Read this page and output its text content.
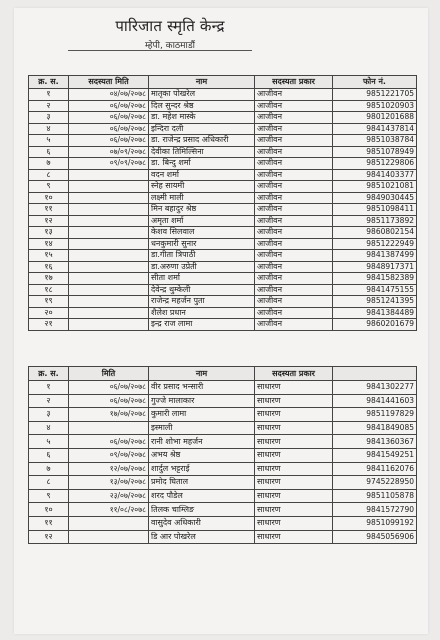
पारिजात स्मृति केन्द्र
म्हेपी, काठमाडौं
क्र. स.	सदस्यता मिति	नाम	सदस्यता प्रकार	फोन नं.
१	०४/०७/२०७८	मातृका पोखरेल	आजीवन	9851221705
२	०६/०७/२०७८	दिल सुन्दर श्रेष्ठ	आजीवन	9851020903
३	०६/०७/२०७८	डा. महेश मास्के	आजीवन	9801201688
४	०६/०७/२०७८	इन्दिरा दली	आजीवन	9841437814
५	०६/०७/२०७८	डा. राजेन्द्र प्रसाद अधिकारी	आजीवन	9851038784
६	०७/०९/२०७८	देवीका तिमिल्सिना	आजीवन	9851078949
७	०९/०९/२०७८	डा. बिन्दु शर्मा	आजीवन	9851229806
८		वदन शर्मा	आजीवन	9841403377
९		स्नेह सायमी	आजीवन	9851021081
१०		लक्ष्मी माली	आजीवन	9849030445
११		मिन बहादुर श्रेष्ठ	आजीवन	9851098411
१२		अमृता शर्मा	आजीवन	9851173892
१३		केशव सिलवाल	आजीवन	9860802154
१४		धनकुमारी सुनार	आजीवन	9851222949
१५		डा.गीता त्रिपाठी	आजीवन	9841387499
१६		डा.अरुणा उप्रेती	आजीवन	9848917371
१७		सीता शर्मा	आजीवन	9841582389
१८		देवेन्द्र थुम्केली	आजीवन	9841475155
१९		राजेन्द्र महर्जन पुता	आजीवन	9851241395
२०		शैलेश प्रधान	आजीवन	9841384489
२१		इन्द्र राज लामा	आजीवन	9860201679
क्र. स.	मिति	नाम	सदस्यता प्रकार	
१	०६/०७/२०७८	वीर प्रसाद भन्सारी	साधारण	9841302277
२	०६/०७/२०७८	गुज्जे मालाकार	साधारण	9841441603
३	१७/०७/२०७८	कुमारी लामा	साधारण	9851197829
४		इस्माली	साधारण	9841849085
५	०६/०७/२०७८	रानी शोभा महर्जन	साधारण	9841360367
६	०९/०७/२०७८	अभय श्रेष्ठ	साधारण	9841549251
७	१२/०७/२०७८	शार्दुल भट्टराई	साधारण	9841162076
८	१३/०७/२०७८	प्रमोद घिताल	साधारण	9745228950
९	२३/०७/२०७८	शरद पौडेल	साधारण	9851105878
१०	११/०८/२०७८	तिलक चाम्लिङ	साधारण	9841572790
११		वासुदेव अधिकारी	साधारण	9851099192
१२		डि आर पोखरेल	साधारण	9845056906
